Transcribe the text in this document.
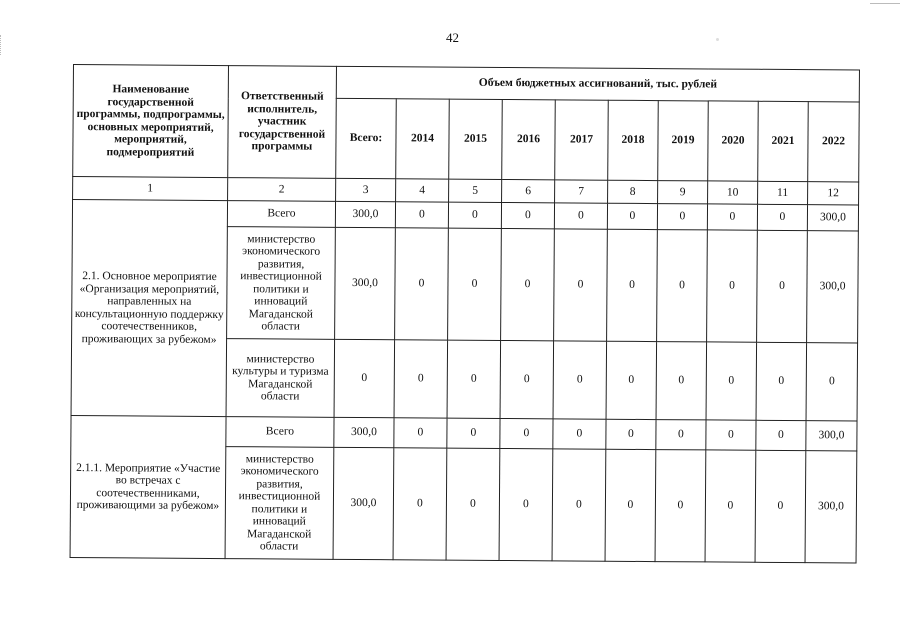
42
Наименование государственной программы, подпрограммы, основных мероприятий, мероприятий, подмероприятий	Ответственный исполнитель, участник государственной программы	Объем бюджетных ассигнований, тыс. рублей									
		Всего:	2014	2015	2016	2017	2018	2019	2020	2021	2022
1	2	3	4	5	6	7	8	9	10	11	12
2.1. Основное мероприятие «Организация мероприятий, направленных на консультационную поддержку соотечественников, проживающих за рубежом»	Всего	300,0	0	0	0	0	0	0	0	0	300,0
	министерство экономического развития, инвестиционной политики и инноваций Магаданской области	300,0	0	0	0	0	0	0	0	0	300,0
	министерство культуры и туризма Магаданской области	0	0	0	0	0	0	0	0	0	0
2.1.1. Мероприятие «Участие во встречах с соотечественниками, проживающими за рубежом»	Всего	300,0	0	0	0	0	0	0	0	0	300,0
	министерство экономического развития, инвестиционной политики и инноваций Магаданской области	300,0	0	0	0	0	0	0	0	0	300,0
